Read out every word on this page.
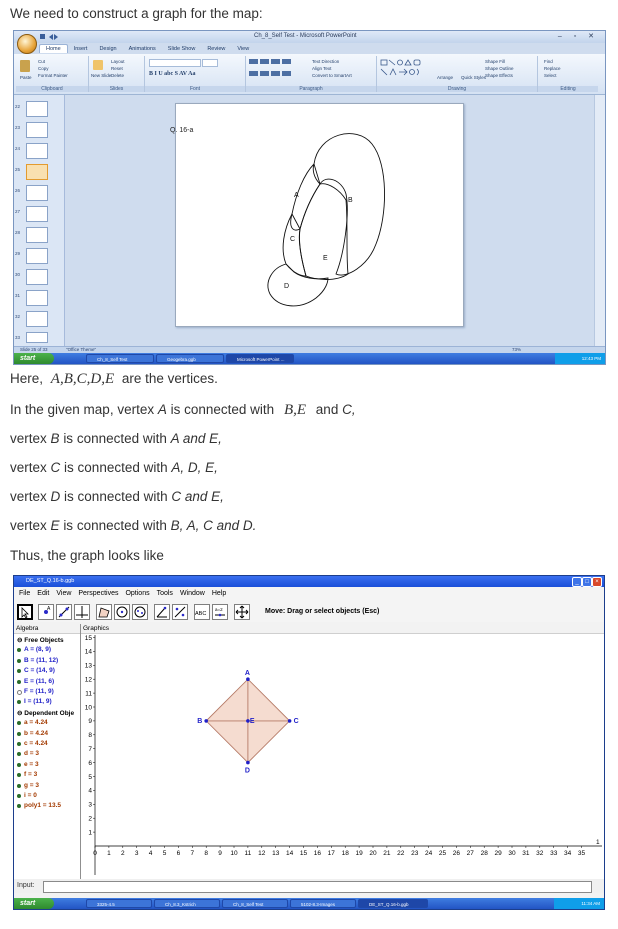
We need to construct a graph for the map:
Ch_8_Self Test - Microsoft PowerPoint	– ▫ ✕
Home Insert Design Animations Slide Show Review View
Paste
Cut
Copy
Format Painter
Clipboard
New Slide
Layout
Reset
Delete
Slides
B I U abc S AV Aa
Font
Text Direction
Align Text
Convert to SmartArt
Paragraph
Arrange Quick Styles
Shape Fill
Shape Outline
Shape Effects
Drawing
Find
Replace
Select
Editing
22
23
24
25
26
27
28
29
30
31
32
33
Q. 16-a
A
B
C
D
E
Slide 25 of 33	"Office Theme"	73%
start	Ch_8_Self Test	Geogebra.ggb	Microsoft PowerPoint ...	12:43 PM
Here, A,B,C,D,E are the vertices.
In the given map, vertex A is connected with B,E and C,
vertex B is connected with A and E,
vertex C is connected with A, D, E,
vertex D is connected with C and E,
vertex E is connected with B, A, C and D.
Thus, the graph looks like
DE_ST_Q.16-b.ggb	_	□	×
File Edit View Perspectives Options Tools Window Help
A
ABC
a=2	Move: Drag or select objects (Esc)
Algebra
⊖ Free Objects
A = (8, 9)
B = (11, 12)
C = (14, 9)
E = (11, 6)
F = (11, 9)
I = (11, 9)
⊖ Dependent Obje
a = 4.24
b = 4.24
c = 4.24
d = 3
e = 3
f = 3
g = 3
i = 0
poly1 = 13.5
Graphics
0 1 2 3 4 5 6 7 8 9 10 11 12 13 14 15 16 17 18 19 20 21 22 23 24 25 26 27 28 29 30 31 32 33 34 35
1
2
3
4
5
6
7
8
9
10
11
12
13
14
15
1
A
B	C
D
E
Input:
start	3325-4.5	Ch_8.3_Kstrich	Ch_8_Self Test	5102-8.3-Images	DE_ST_Q.16-b.ggb	11:34 AM
